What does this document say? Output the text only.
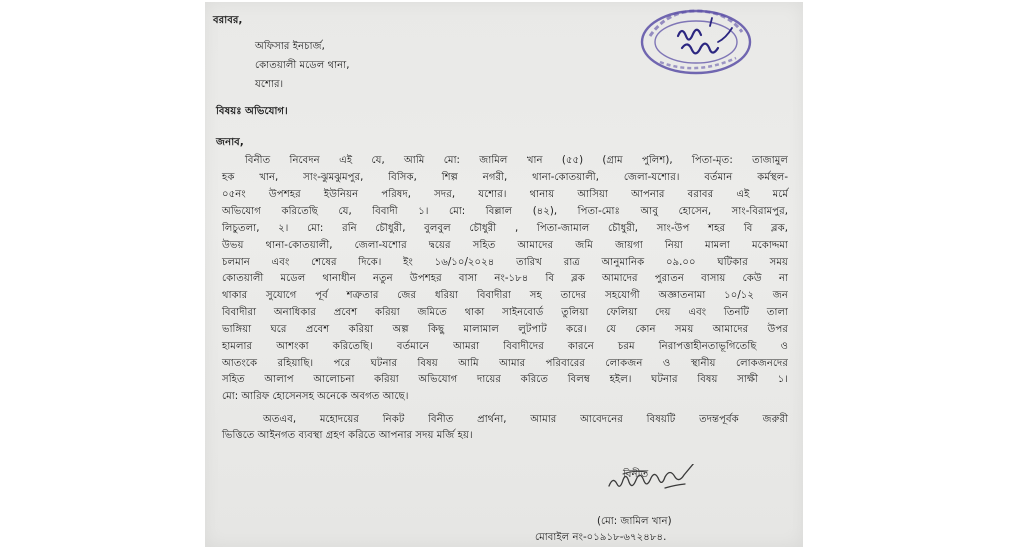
বরাবর,
অফিসার ইনচার্জ,
কোতয়ালী মডেল থানা,
যশোর।
বিষয়ঃ অভিযোগ।
জনাব,
বিনীত নিবেদন এই যে, আমি মো: জামিল খান (৫৫) (গ্রাম পুলিশ), পিতা-মৃত: তাজামুল
হক খান, সাং-ঝুমঝুমপুর, বিসিক, শিল্প নগরী, থানা-কোতয়ালী, জেলা-যশোর। বর্তমান কর্মস্থল-
০৫নং উপশহর ইউনিয়ন পরিষদ, সদর, যশোর। থানায় আসিয়া আপনার বরাবর এই মর্মে
অভিযোগ করিতেছি যে, বিবাদী ১। মো: বিল্লাল (৪২), পিতা-মোঃ আবু হোসেন, সাং-বিরামপুর,
লিচুতলা, ২। মো: রনি চৌধুরী, বুলবুল চৌধুরী , পিতা-জামাল চৌধুরী, সাং-উপ শহর বি ব্লক,
উভয় থানা-কোতয়ালী, জেলা-যশোর দ্বয়ের সহিত আমাদের জমি জায়গা নিয়া মামলা মকোদ্দমা
চলমান এবং শেষের দিকে। ইং ১৬/১০/২০২৪ তারিখ রাত্র আনুমানিক ০৯.০০ ঘটিকার সময়
কোতয়ালী মডেল থানাধীন নতুন উপশহর বাসা নং-১৮৪ বি ব্লক আমাদের পুরাতন বাসায় কেউ না
থাকার সুযোগে পূর্ব শত্রুতার জের ধরিয়া বিবাদীরা সহ তাদের সহযোগী অজ্ঞাতনামা ১০/১২ জন
বিবাদীরা অনাধিকার প্রবেশ করিয়া জমিতে থাকা সাইনবোর্ড তুলিয়া ফেলিয়া দেয় এবং তিনটি তালা
ভাঙ্গিয়া ঘরে প্রবেশ করিয়া অল্প কিছু মালামাল লুটপাট করে। যে কোন সময় আমাদের উপর
হামলার আশংকা করিতেছি। বর্তমানে আমরা বিবাদীদের কারনে চরম নিরাপত্তাহীনতাভূগিতেছি ও
আতংকে রহিয়াছি। পরে ঘটনার বিষয় আমি আমার পরিবারের লোকজন ও স্থানীয় লোকজনদের
সহিত আলাপ আলোচনা করিয়া অভিযোগ দায়ের করিতে বিলম্ব হইল। ঘটনার বিষয় সাক্ষী ১।
মো: আরিফ হোসেনসহ অনেকে অবগত আছে।
অতএব, মহোদয়ের নিকট বিনীত প্রার্থনা, আমার আবেদনের বিষয়টি তদন্তপূর্বক জরুরী
ভিত্তিতে আইনগত ব্যবস্থা গ্রহণ করিতে আপনার সদয় মর্জি হয়।
বিনীত
(মো: জামিল খান)
মোবাইল নং-০১৯১৮-৬৭২৪৮৪.
